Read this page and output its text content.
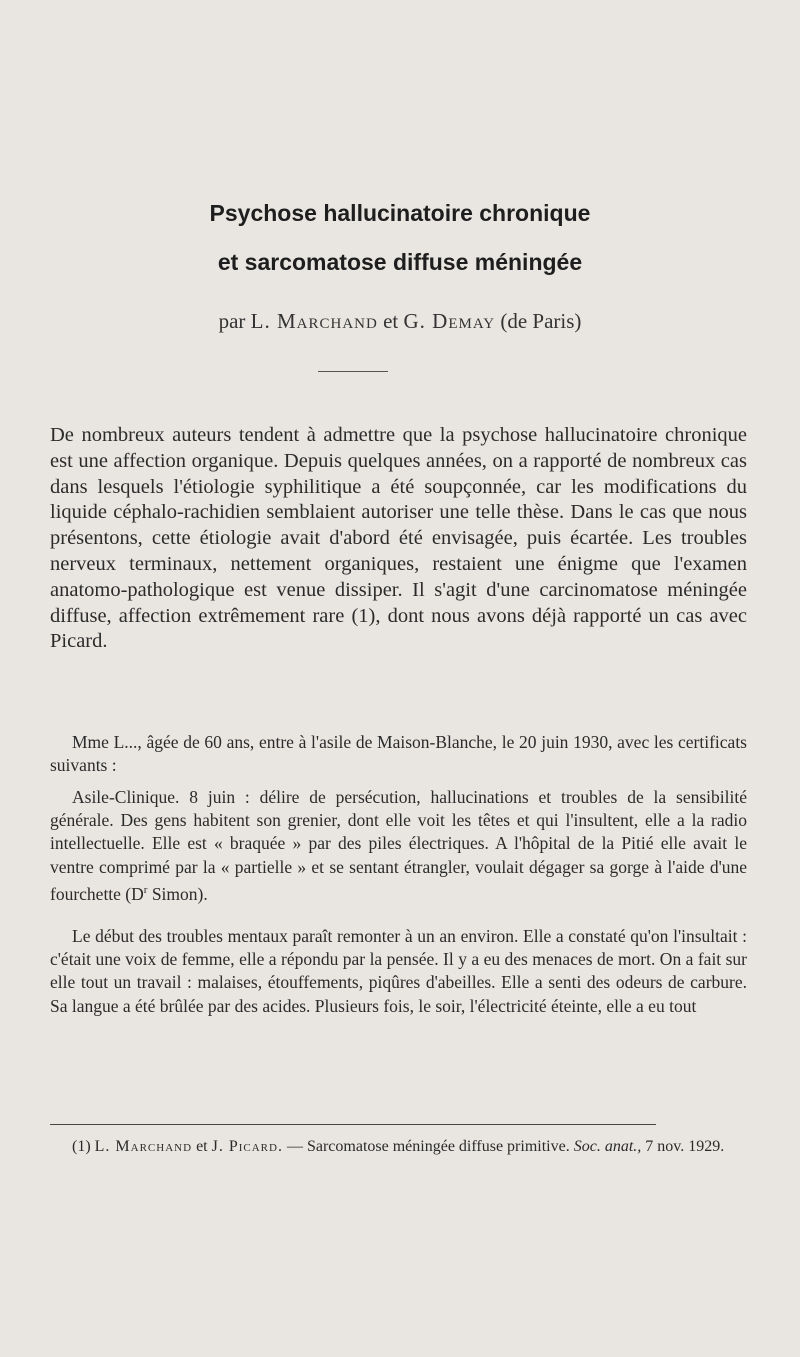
Psychose hallucinatoire chronique
et sarcomatose diffuse méningée
par L. Marchand et G. Demay (de Paris)

De nombreux auteurs tendent à admettre que la psychose hallucinatoire chronique est une affection organique. Depuis quelques années, on a rapporté de nombreux cas dans lesquels l'étiologie syphilitique a été soupçonnée, car les modifications du liquide céphalo-rachidien semblaient autoriser une telle thèse. Dans le cas que nous présentons, cette étiologie avait d'abord été envisagée, puis écartée. Les troubles nerveux terminaux, nettement organiques, restaient une énigme que l'examen anatomo-pathologique est venue dissiper. Il s'agit d'une carcinomatose méningée diffuse, affection extrêmement rare (1), dont nous avons déjà rapporté un cas avec Picard.

Mme L..., âgée de 60 ans, entre à l'asile de Maison-Blanche, le 20 juin 1930, avec les certificats suivants :

Asile-Clinique. 8 juin : délire de persécution, hallucinations et troubles de la sensibilité générale. Des gens habitent son grenier, dont elle voit les têtes et qui l'insultent, elle a la radio intellectuelle. Elle est « braquée » par des piles électriques. A l'hôpital de la Pitié elle avait le ventre comprimé par la « partielle » et se sentant étrangler, voulait dégager sa gorge à l'aide d'une fourchette ($D^r$ Simon).

Le début des troubles mentaux paraît remonter à un an environ. Elle a constaté qu'on l'insultait : c'était une voix de femme, elle a répondu par la pensée. Il y a eu des menaces de mort. On a fait sur elle tout un travail : malaises, étouffements, piqûres d'abeilles. Elle a senti des odeurs de carbure. Sa langue a été brûlée par des acides. Plusieurs fois, le soir, l'électricité éteinte, elle a eu tout

(1) L. Marchand et J. Picard. — Sarcomatose méningée diffuse primitive. Soc. anat., 7 nov. 1929.
